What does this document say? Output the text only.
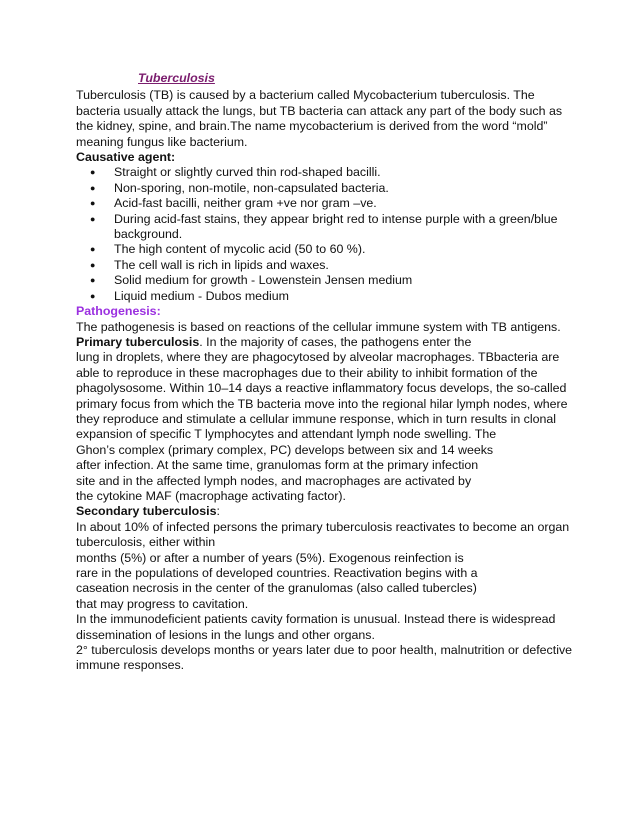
Tuberculosis

Tuberculosis (TB) is caused by a bacterium called Mycobacterium tuberculosis. The bacteria usually attack the lungs, but TB bacteria can attack any part of the body such as the kidney, spine, and brain.The name mycobacterium is derived from the word “mold” meaning fungus like bacterium.

Causative agent:

● Straight or slightly curved thin rod-shaped bacilli.
● Non-sporing, non-motile, non-capsulated bacteria.
● Acid-fast bacilli, neither gram +ve nor gram –ve.
● During acid-fast stains, they appear bright red to intense purple with a green/blue background.
● The high content of mycolic acid (50 to 60 %).
● The cell wall is rich in lipids and waxes.
● Solid medium for growth - Lowenstein Jensen medium
● Liquid medium - Dubos medium

Pathogenesis:

The pathogenesis is based on reactions of the cellular immune system with TB antigens.

Primary tuberculosis. In the majority of cases, the pathogens enter the

lung in droplets, where they are phagocytosed by alveolar macrophages. TBbacteria are able to reproduce in these macrophages due to their ability to inhibit formation of the phagolysosome. Within 10–14 days a reactive inflammatory focus develops, the so-called primary focus from which the TB bacteria move into the regional hilar lymph nodes, where they reproduce and stimulate a cellular immune response, which in turn results in clonal expansion of specific T lymphocytes and attendant lymph node swelling. The

Ghon’s complex (primary complex, PC) develops between six and 14 weeks
after infection. At the same time, granulomas form at the primary infection
site and in the affected lymph nodes, and macrophages are activated by
the cytokine MAF (macrophage activating factor).

Secondary tuberculosis:

In about 10% of infected persons the primary tuberculosis reactivates to become an organ tuberculosis, either within

months (5%) or after a number of years (5%). Exogenous reinfection is
rare in the populations of developed countries. Reactivation begins with a
caseation necrosis in the center of the granulomas (also called tubercles)
that may progress to cavitation.

In the immunodeficient patients cavity formation is unusual. Instead there is widespread dissemination of lesions in the lungs and other organs.

2° tuberculosis develops months or years later due to poor health, malnutrition or defective immune responses.
